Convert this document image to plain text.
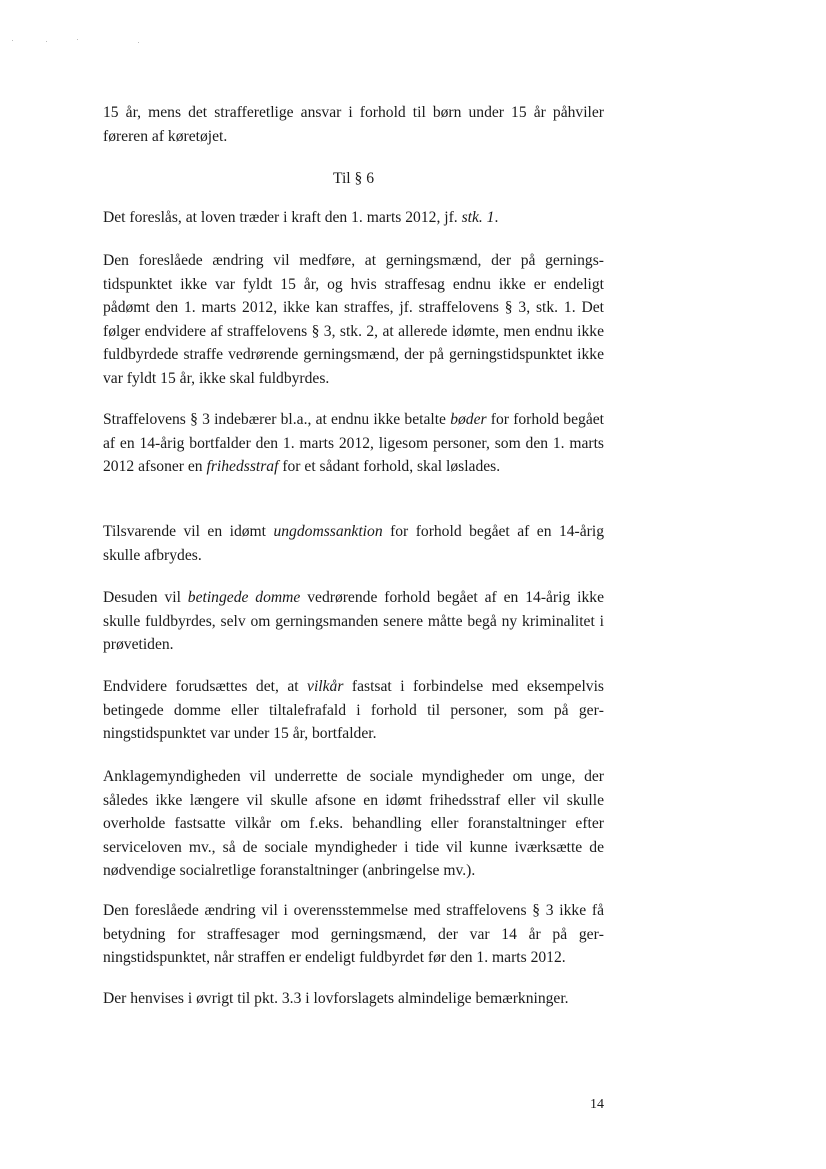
15 år, mens det strafferetlige ansvar i forhold til børn under 15 år påhviler føreren af køretøjet.

Til § 6

Det foreslås, at loven træder i kraft den 1. marts 2012, jf. stk. 1.

Den foreslåede ændring vil medføre, at gerningsmænd, der på gerningstidspunktet ikke var fyldt 15 år, og hvis straffesag endnu ikke er endeligt pådømt den 1. marts 2012, ikke kan straffes, jf. straffelovens § 3, stk. 1. Det følger endvidere af straffelovens § 3, stk. 2, at allerede idømte, men endnu ikke fuldbyrdede straffe vedrørende gerningsmænd, der på gerningstidspunktet ikke var fyldt 15 år, ikke skal fuldbyrdes.

Straffelovens § 3 indebærer bl.a., at endnu ikke betalte bøder for forhold begået af en 14-årig bortfalder den 1. marts 2012, ligesom personer, som den 1. marts 2012 afsoner en frihedsstraf for et sådant forhold, skal løslades.

Tilsvarende vil en idømt ungdomssanktion for forhold begået af en 14-årig skulle afbrydes.

Desuden vil betingede domme vedrørende forhold begået af en 14-årig ikke skulle fuldbyrdes, selv om gerningsmanden senere måtte begå ny kriminalitet i prøvetiden.

Endvidere forudsættes det, at vilkår fastsat i forbindelse med eksempelvis betingede domme eller tiltalefrafald i forhold til personer, som på gerningstidspunktet var under 15 år, bortfalder.

Anklagemyndigheden vil underrette de sociale myndigheder om unge, der således ikke længere vil skulle afsone en idømt frihedsstraf eller vil skulle overholde fastsatte vilkår om f.eks. behandling eller foranstaltninger efter serviceloven mv., så de sociale myndigheder i tide vil kunne iværksætte de nødvendige socialretlige foranstaltninger (anbringelse mv.).

Den foreslåede ændring vil i overensstemmelse med straffelovens § 3 ikke få betydning for straffesager mod gerningsmænd, der var 14 år på gerningstidspunktet, når straffen er endeligt fuldbyrdet før den 1. marts 2012.

Der henvises i øvrigt til pkt. 3.3 i lovforslagets almindelige bemærkninger.

14
